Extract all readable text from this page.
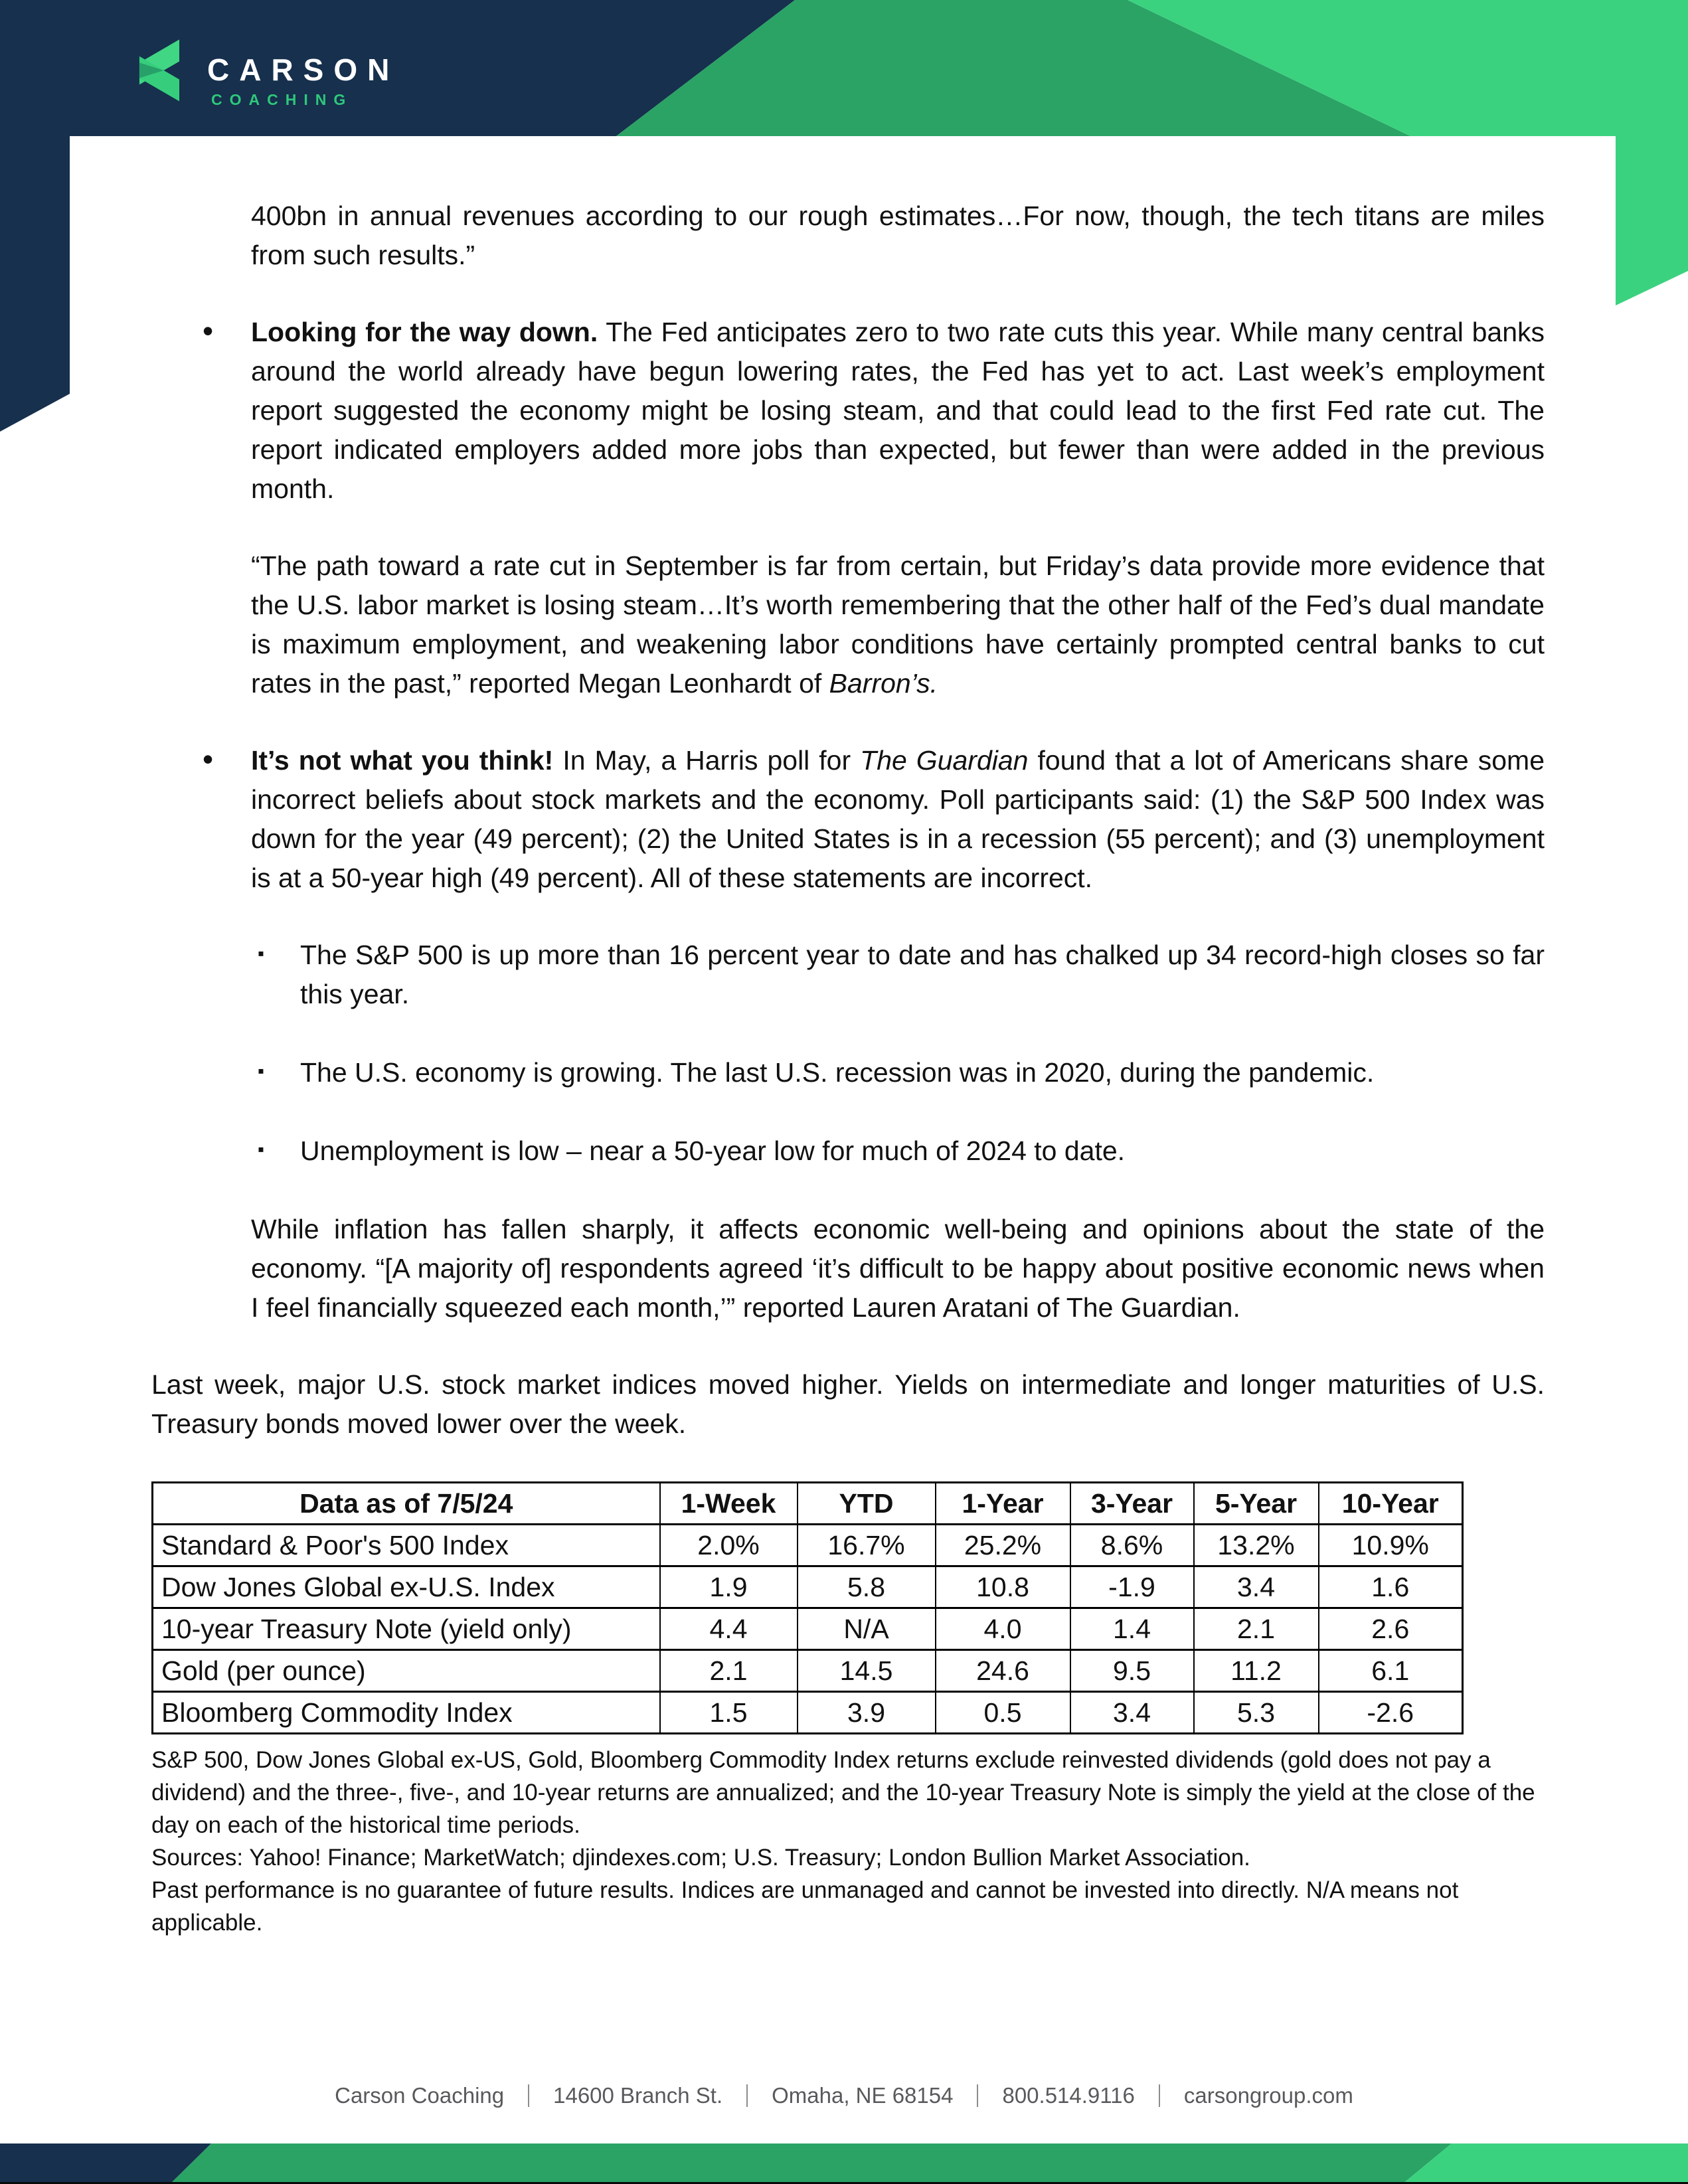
CARSON
COACHING
400bn in annual revenues according to our rough estimates…For now, though, the tech titans are miles from such results.”
• Looking for the way down. The Fed anticipates zero to two rate cuts this year. While many central banks around the world already have begun lowering rates, the Fed has yet to act. Last week’s employment report suggested the economy might be losing steam, and that could lead to the first Fed rate cut. The report indicated employers added more jobs than expected, but fewer than were added in the previous month.
“The path toward a rate cut in September is far from certain, but Friday’s data provide more evidence that the U.S. labor market is losing steam…It’s worth remembering that the other half of the Fed’s dual mandate is maximum employment, and weakening labor conditions have certainly prompted central banks to cut rates in the past,” reported Megan Leonhardt of Barron’s.
• It’s not what you think! In May, a Harris poll for The Guardian found that a lot of Americans share some incorrect beliefs about stock markets and the economy. Poll participants said: (1) the S&P 500 Index was down for the year (49 percent); (2) the United States is in a recession (55 percent); and (3) unemployment is at a 50-year high (49 percent). All of these statements are incorrect.
▪ The S&P 500 is up more than 16 percent year to date and has chalked up 34 record-high closes so far this year.
▪ The U.S. economy is growing. The last U.S. recession was in 2020, during the pandemic.
▪ Unemployment is low – near a 50-year low for much of 2024 to date.
While inflation has fallen sharply, it affects economic well-being and opinions about the state of the economy. “[A majority of] respondents agreed ‘it’s difficult to be happy about positive economic news when I feel financially squeezed each month,’” reported Lauren Aratani of The Guardian.
Last week, major U.S. stock market indices moved higher. Yields on intermediate and longer maturities of U.S. Treasury bonds moved lower over the week.
Data as of 7/5/24	1-Week	YTD	1-Year	3-Year	5-Year	10-Year
Standard & Poor's 500 Index	2.0%	16.7%	25.2%	8.6%	13.2%	10.9%
Dow Jones Global ex-U.S. Index	1.9	5.8	10.8	-1.9	3.4	1.6
10-year Treasury Note (yield only)	4.4	N/A	4.0	1.4	2.1	2.6
Gold (per ounce)	2.1	14.5	24.6	9.5	11.2	6.1
Bloomberg Commodity Index	1.5	3.9	0.5	3.4	5.3	-2.6

S&P 500, Dow Jones Global ex-US, Gold, Bloomberg Commodity Index returns exclude reinvested dividends (gold does not pay a dividend) and the three-, five-, and 10-year returns are annualized; and the 10-year Treasury Note is simply the yield at the close of the day on each of the historical time periods.

Sources: Yahoo! Finance; MarketWatch; djindexes.com; U.S. Treasury; London Bullion Market Association.

Past performance is no guarantee of future results. Indices are unmanaged and cannot be invested into directly. N/A means not applicable.

Carson Coaching 14600 Branch St. Omaha, NE 68154 800.514.9116 carsongroup.com
